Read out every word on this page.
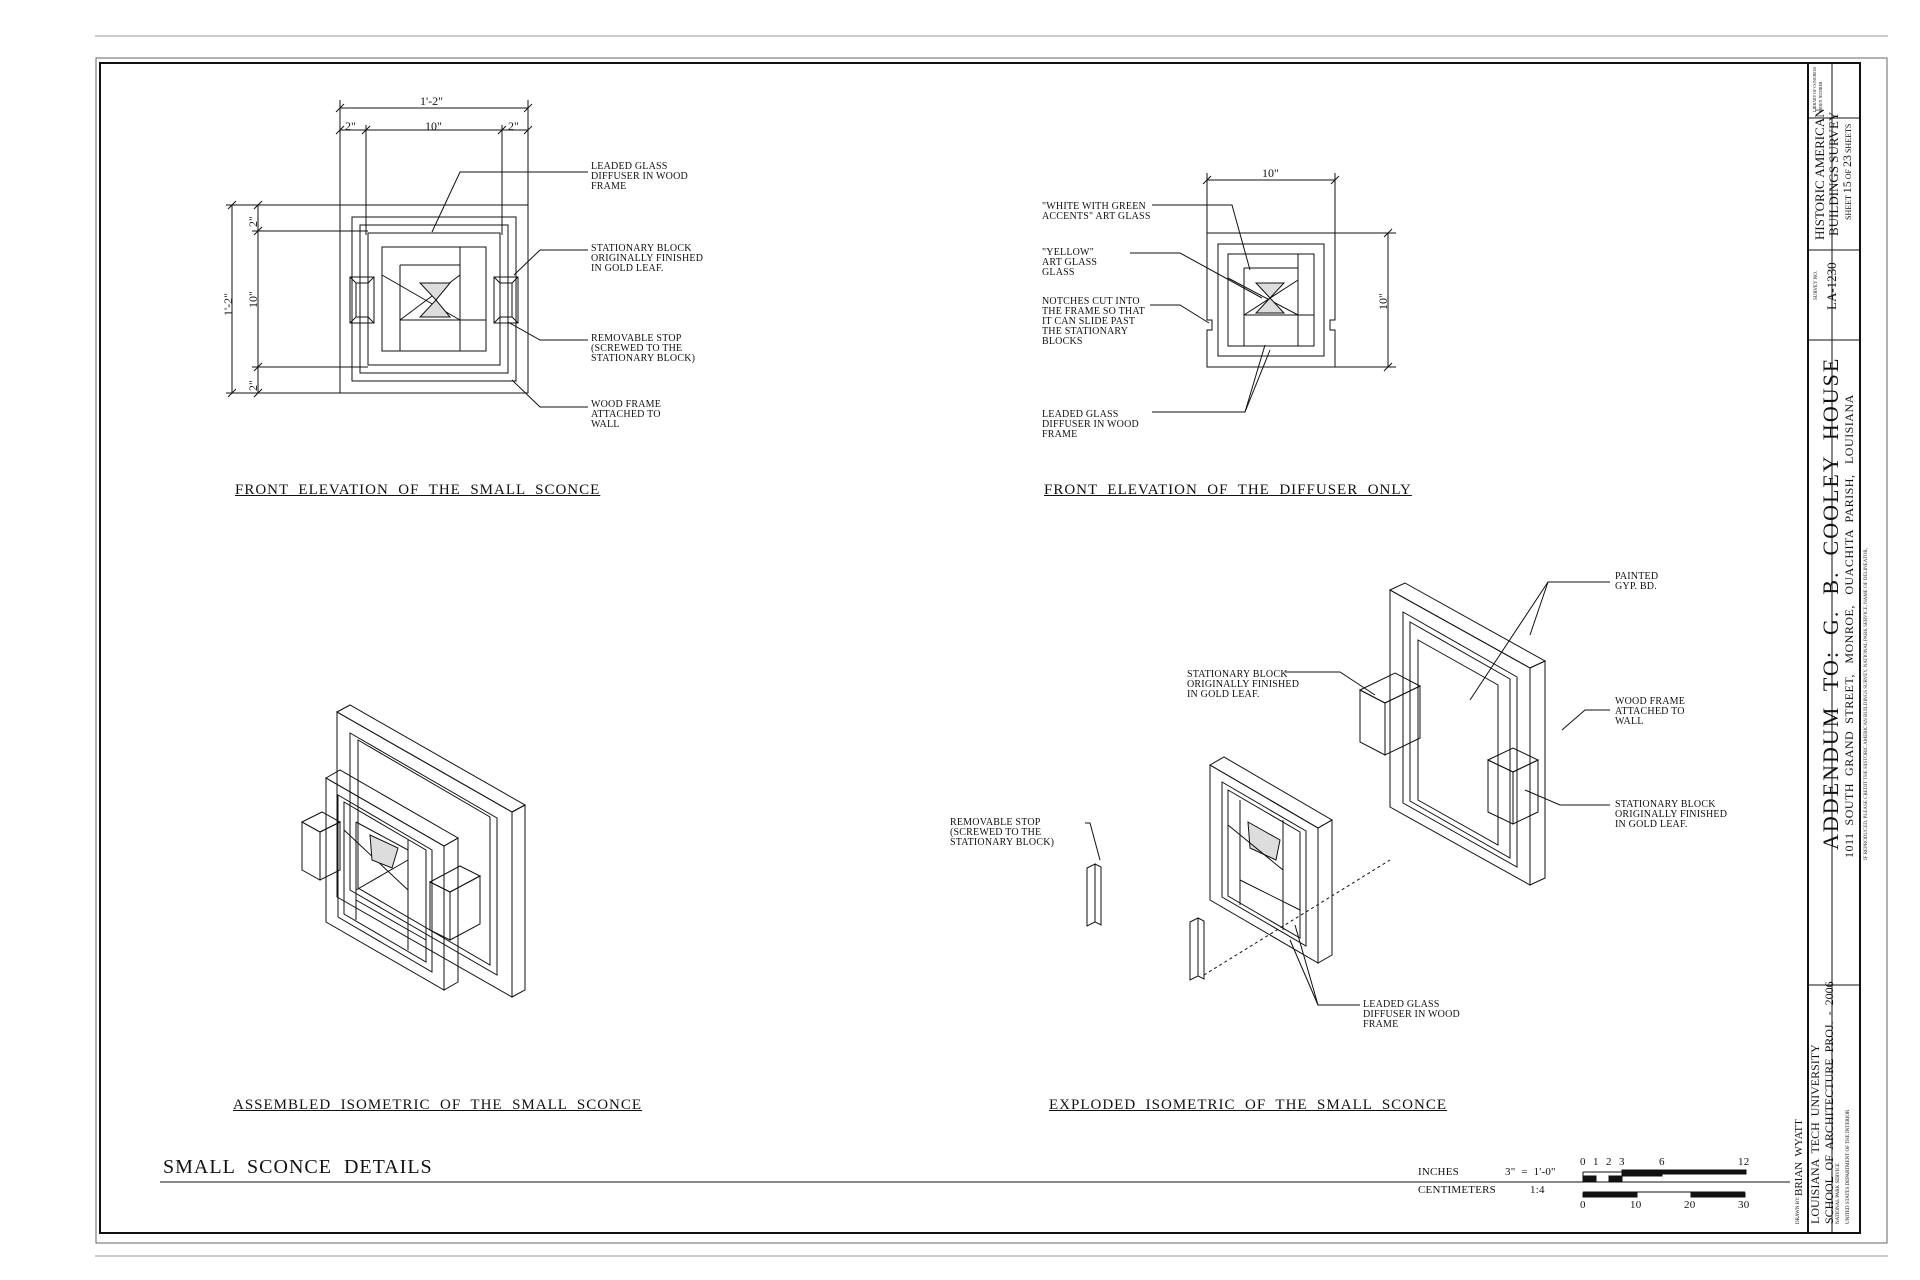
1'-2"
2"	10"	2"
1'-2"
2"
10"
2"
LEADED GLASS
DIFFUSER IN WOOD
FRAME
STATIONARY BLOCK
ORIGINALLY FINISHED
IN GOLD LEAF.
REMOVABLE STOP
(SCREWED TO THE
STATIONARY BLOCK)
WOOD FRAME
ATTACHED TO
WALL
FRONT  ELEVATION  OF  THE  SMALL  SCONCE
10"
10"
"WHITE WITH GREEN
ACCENTS" ART GLASS
"YELLOW"
ART GLASS
GLASS
NOTCHES CUT INTO
THE FRAME SO THAT
IT CAN SLIDE PAST
THE STATIONARY
BLOCKS
LEADED GLASS
DIFFUSER IN WOOD
FRAME
FRONT  ELEVATION  OF  THE  DIFFUSER  ONLY
ASSEMBLED  ISOMETRIC  OF  THE  SMALL  SCONCE
PAINTED
GYP. BD.
STATIONARY BLOCK
ORIGINALLY FINISHED
IN GOLD LEAF.
WOOD FRAME
ATTACHED TO
WALL
STATIONARY BLOCK
ORIGINALLY FINISHED
IN GOLD LEAF.
REMOVABLE STOP
(SCREWED TO THE
STATIONARY BLOCK)
LEADED GLASS
DIFFUSER IN WOOD
FRAME
EXPLODED  ISOMETRIC  OF  THE  SMALL  SCONCE
SMALL  SCONCE  DETAILS	INCHES	3"  =  1'-0"
CENTIMETERS	1:4
0 1 2 3	6	12
0	10	20	30
ADDENDUM  TO:  G.  B.  COOLEY  HOUSE 1011  SOUTH  GRAND  STREET,   MONROE,   OUACHITA  PARISH,   LOUISIANA IF REPRODUCED, PLEASE CREDIT THE HISTORIC AMERICAN BUILDINGS SURVEY, NATIONAL PARK SERVICE, NAME OF DELINEATOR,
HISTORIC AMERICAN BUILDINGS SURVEY SHEET 15 OF 23 SHEETS
LIBRARY OF CONGRESS
INDEX NUMBER
SURVEY NO. LA-1230
DRAWN BY:
BRIAN  WYATT LOUISIANA  TECH  UNIVERSITY SCHOOL  OF  ARCHITECTURE  PROJ.  -  2006 NATIONAL PARK SERVICE UNITED STATES DEPARTMENT OF THE INTERIOR
